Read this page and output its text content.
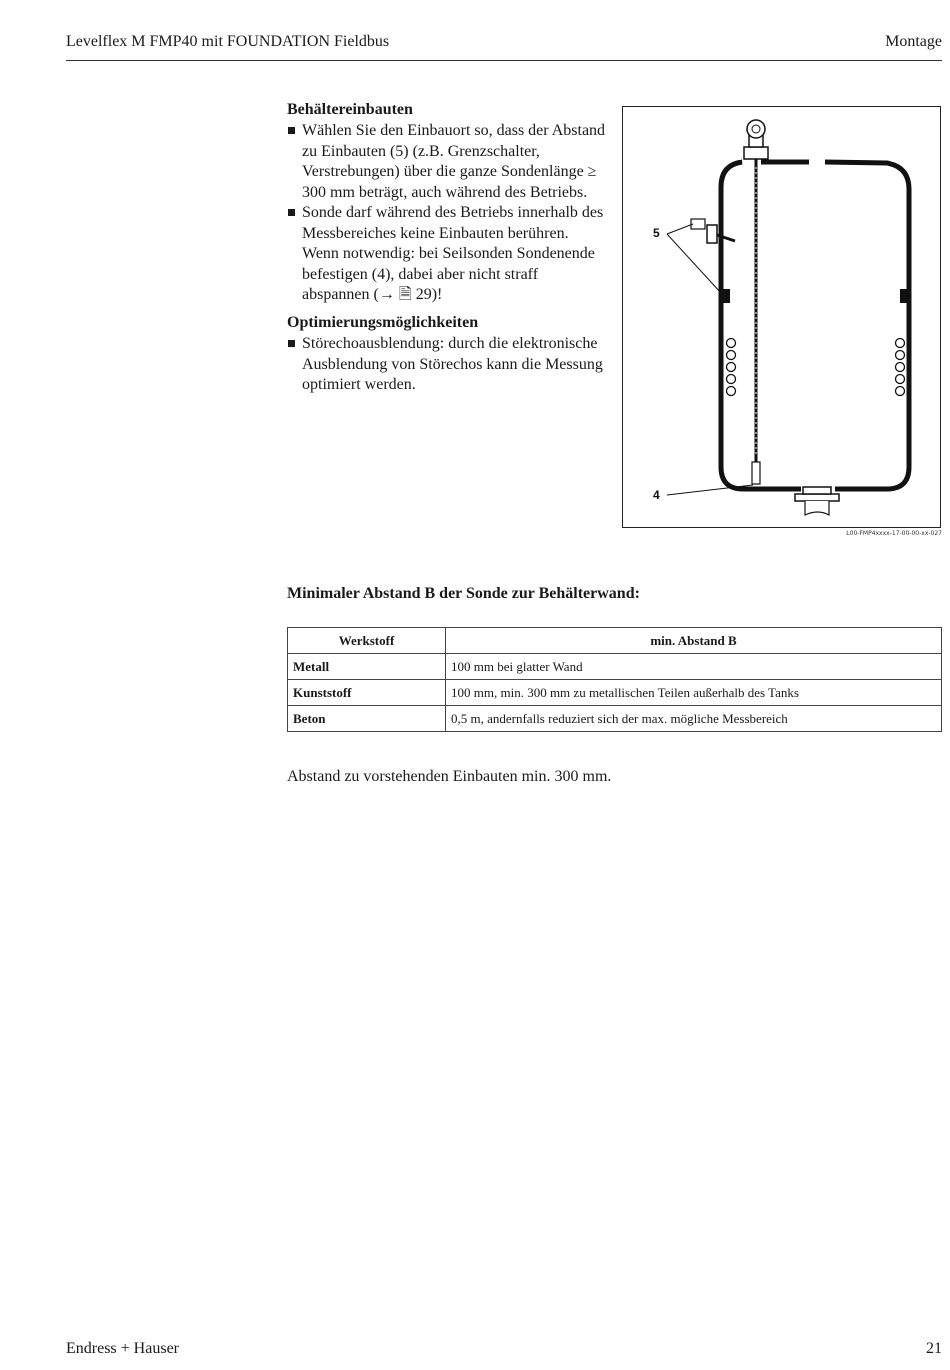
Levelflex M FMP40 mit FOUNDATION Fieldbus	Montage
Behältereinbauten
Wählen Sie den Einbauort so, dass der Abstand zu Einbauten (5) (z.B. Grenzschalter, Verstrebungen) über die ganze Sondenlänge ≥ 300 mm beträgt, auch während des Betriebs.
Sonde darf während des Betriebs innerhalb des Messbereiches keine Einbauten berühren. Wenn notwendig: bei Seilsonden Sondenende befestigen (4), dabei aber nicht straff abspannen (→ 🗎 29)!
Optimierungsmöglichkeiten
Störechoausblendung: durch die elektronische Ausblendung von Störechos kann die Messung optimiert werden.
5
4
L00-FMP4xxxx-17-00-00-xx-027
Minimaler Abstand B der Sonde zur Behälterwand:
Werkstoff	min. Abstand B
Metall	100 mm bei glatter Wand
Kunststoff	100 mm, min. 300 mm zu metallischen Teilen außerhalb des Tanks
Beton	0,5 m, andernfalls reduziert sich der max. mögliche Messbereich
Abstand zu vorstehenden Einbauten min. 300 mm.
Endress + Hauser	21
